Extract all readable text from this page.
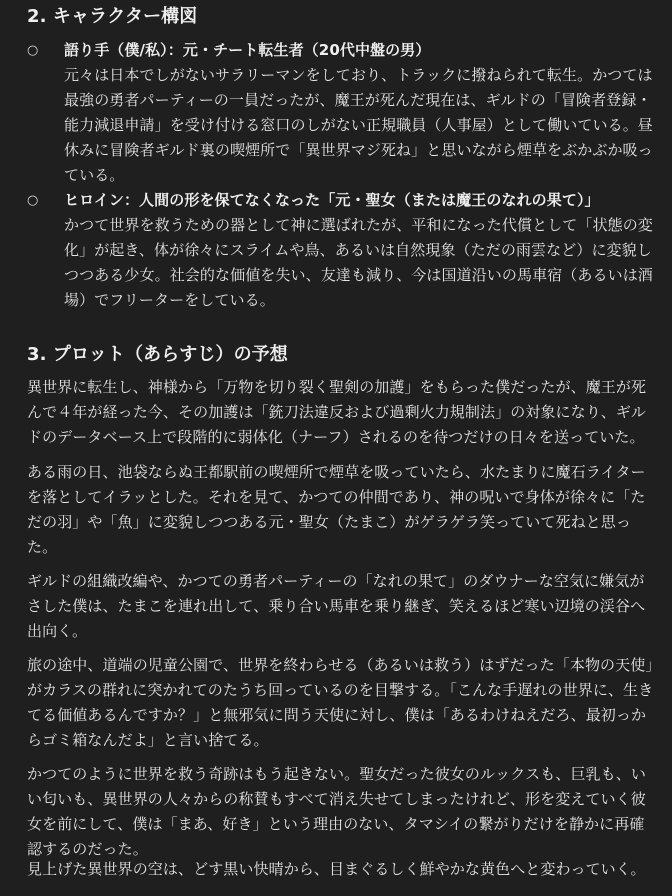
2. キャラクター構図
○ 語り手（僕/私）：元・チート転生者（20代中盤の男）
元々は日本でしがないサラリーマンをしており、トラックに撥ねられて転生。かつては最強の勇者パーティーの一員だったが、魔王が死んだ現在は、ギルドの「冒険者登録・能力減退申請」を受け付ける窓口のしがない正規職員（人事屋）として働いている。昼休みに冒険者ギルド裏の喫煙所で「異世界マジ死ね」と思いながら煙草をぶかぶか吸っている。
○ ヒロイン：人間の形を保てなくなった「元・聖女（または魔王のなれの果て）」
かつて世界を救うための器として神に選ばれたが、平和になった代償として「状態の変化」が起き、体が徐々にスライムや鳥、あるいは自然現象（ただの雨雲など）に変貌しつつある少女。社会的な価値を失い、友達も減り、今は国道沿いの馬車宿（あるいは酒場）でフリーターをしている。
3. プロット（あらすじ）の予想

異世界に転生し、神様から「万物を切り裂く聖剣の加護」をもらった僕だったが、魔王が死んで４年が経った今、その加護は「銃刀法違反および過剰火力規制法」の対象になり、ギルドのデータベース上で段階的に弱体化（ナーフ）されるのを待つだけの日々を送っていた。

ある雨の日、池袋ならぬ王都駅前の喫煙所で煙草を吸っていたら、水たまりに魔石ライターを落としてイラッとした。それを見て、かつての仲間であり、神の呪いで身体が徐々に「ただの羽」や「魚」に変貌しつつある元・聖女（たまこ）がゲラゲラ笑っていて死ねと思った。

ギルドの組織改編や、かつての勇者パーティーの「なれの果て」のダウナーな空気に嫌気がさした僕は、たまこを連れ出して、乗り合い馬車を乗り継ぎ、笑えるほど寒い辺境の渓谷へ出向く。

旅の途中、道端の児童公園で、世界を終わらせる（あるいは救う）はずだった「本物の天使」がカラスの群れに突かれてのたうち回っているのを目撃する。「こんな手遅れの世界に、生きてる価値あるんですか？」と無邪気に問う天使に対し、僕は「あるわけねえだろ、最初っからゴミ箱なんだよ」と言い捨てる。

かつてのように世界を救う奇跡はもう起きない。聖女だった彼女のルックスも、巨乳も、いい匂いも、異世界の人々からの称賛もすべて消え失せてしまったけれど、形を変えていく彼女を前にして、僕は「まあ、好き」という理由のない、タマシイの繋がりだけを静かに再確認するのだった。

見上げた異世界の空は、どす黒い快晴から、目まぐるしく鮮やかな黄色へと変わっていく。
